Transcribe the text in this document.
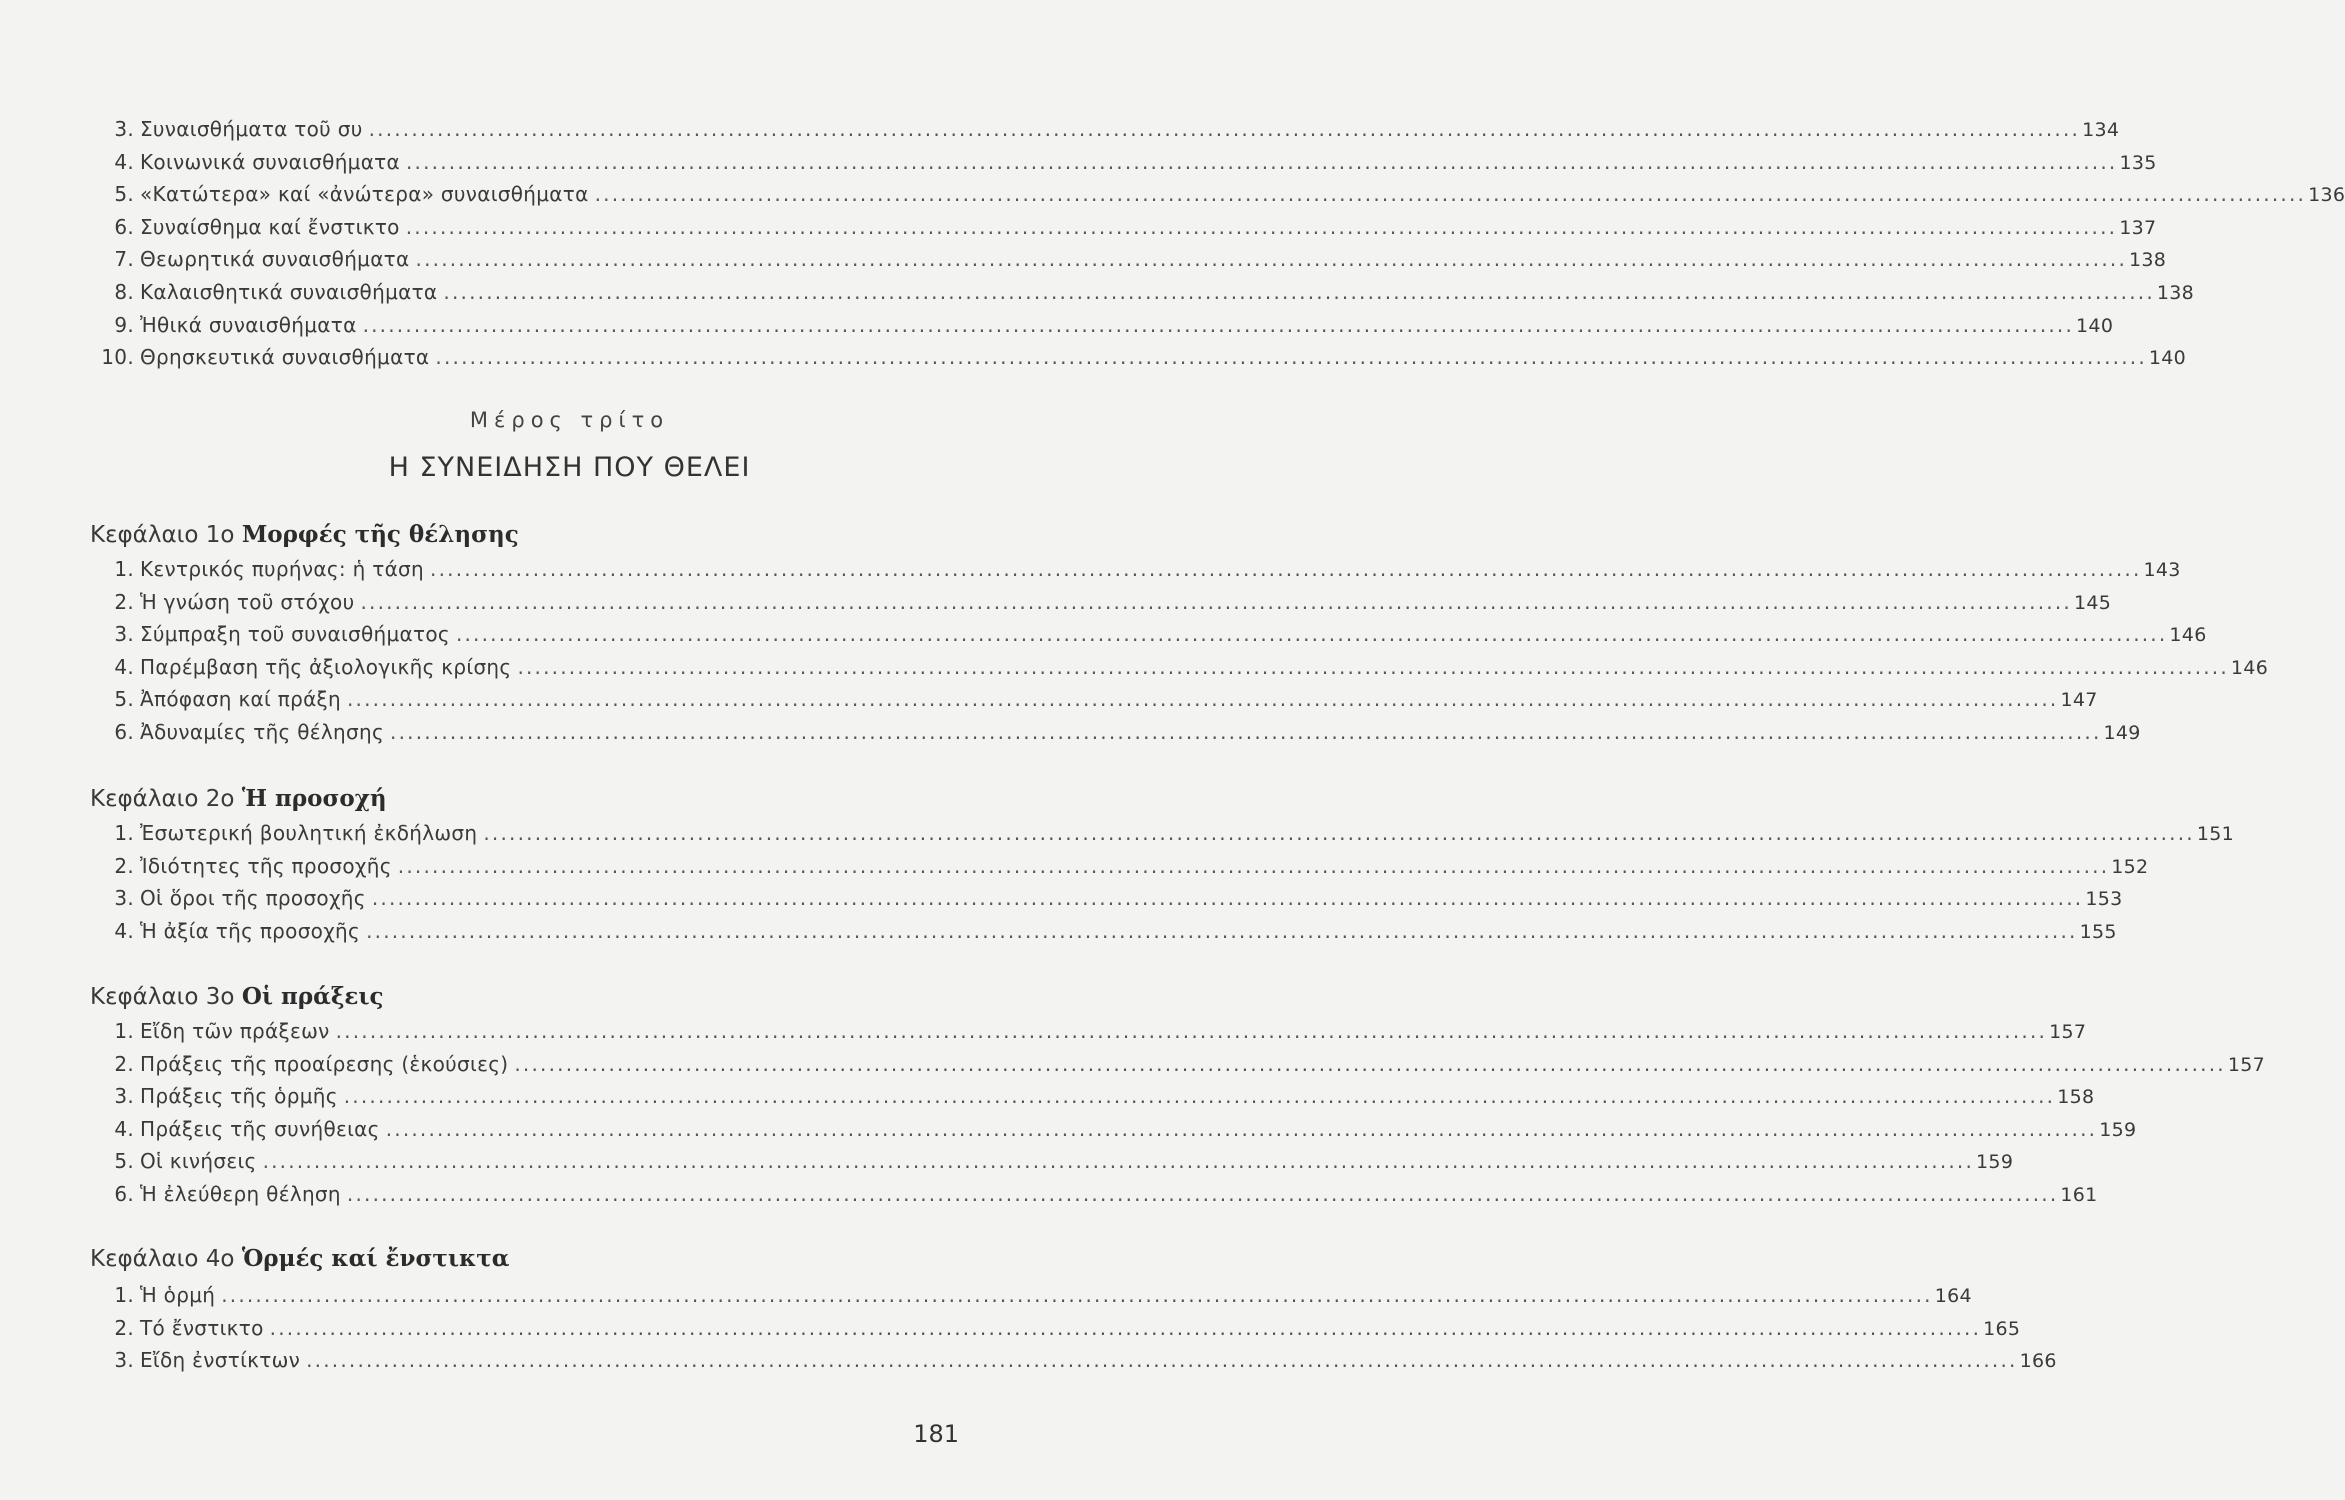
3. Συναισθήματα τοῦ συ ........................................................................................................................................................................................................ 134
4. Κοινωνικά συναισθήματα ........................................................................................................................................................................................................ 135
5. «Κατώτερα» καί «ἀνώτερα» συναισθήματα ........................................................................................................................................................................................................ 136
6. Συναίσθημα καί ἔνστικτο ........................................................................................................................................................................................................ 137
7. Θεωρητικά συναισθήματα ........................................................................................................................................................................................................ 138
8. Καλαισθητικά συναισθήματα ........................................................................................................................................................................................................ 138
9. Ἠθικά συναισθήματα ........................................................................................................................................................................................................ 140
10. Θρησκευτικά συναισθήματα ........................................................................................................................................................................................................ 140
Μέρος τρίτο
Η ΣΥΝΕΙΔΗΣΗ ΠΟΥ ΘΕΛΕΙ
Κεφάλαιο 1ο Μορφές τῆς θέλησης
1. Κεντρικός πυρήνας: ἡ τάση ........................................................................................................................................................................................................ 143
2. Ἡ γνώση τοῦ στόχου ........................................................................................................................................................................................................ 145
3. Σύμπραξη τοῦ συναισθήματος ........................................................................................................................................................................................................ 146
4. Παρέμβαση τῆς ἀξιολογικῆς κρίσης ........................................................................................................................................................................................................ 146
5. Ἀπόφαση καί πράξη ........................................................................................................................................................................................................ 147
6. Ἀδυναμίες τῆς θέλησης ........................................................................................................................................................................................................ 149
Κεφάλαιο 2ο Ἡ προσοχή
1. Ἐσωτερική βουλητική ἐκδήλωση ........................................................................................................................................................................................................ 151
2. Ἰδιότητες τῆς προσοχῆς ........................................................................................................................................................................................................ 152
3. Οἱ ὅροι τῆς προσοχῆς ........................................................................................................................................................................................................ 153
4. Ἡ ἀξία τῆς προσοχῆς ........................................................................................................................................................................................................ 155
Κεφάλαιο 3ο Οἱ πράξεις
1. Εἴδη τῶν πράξεων ........................................................................................................................................................................................................ 157
2. Πράξεις τῆς προαίρεσης (ἑκούσιες) ........................................................................................................................................................................................................ 157
3. Πράξεις τῆς ὁρμῆς ........................................................................................................................................................................................................ 158
4. Πράξεις τῆς συνήθειας ........................................................................................................................................................................................................ 159
5. Οἱ κινήσεις ........................................................................................................................................................................................................ 159
6. Ἡ ἐλεύθερη θέληση ........................................................................................................................................................................................................ 161
Κεφάλαιο 4ο Ὁρμές καί ἔνστικτα
1. Ἡ ὁρμή ........................................................................................................................................................................................................ 164
2. Τό ἔνστικτο ........................................................................................................................................................................................................ 165
3. Εἴδη ἐνστίκτων ........................................................................................................................................................................................................ 166
181
